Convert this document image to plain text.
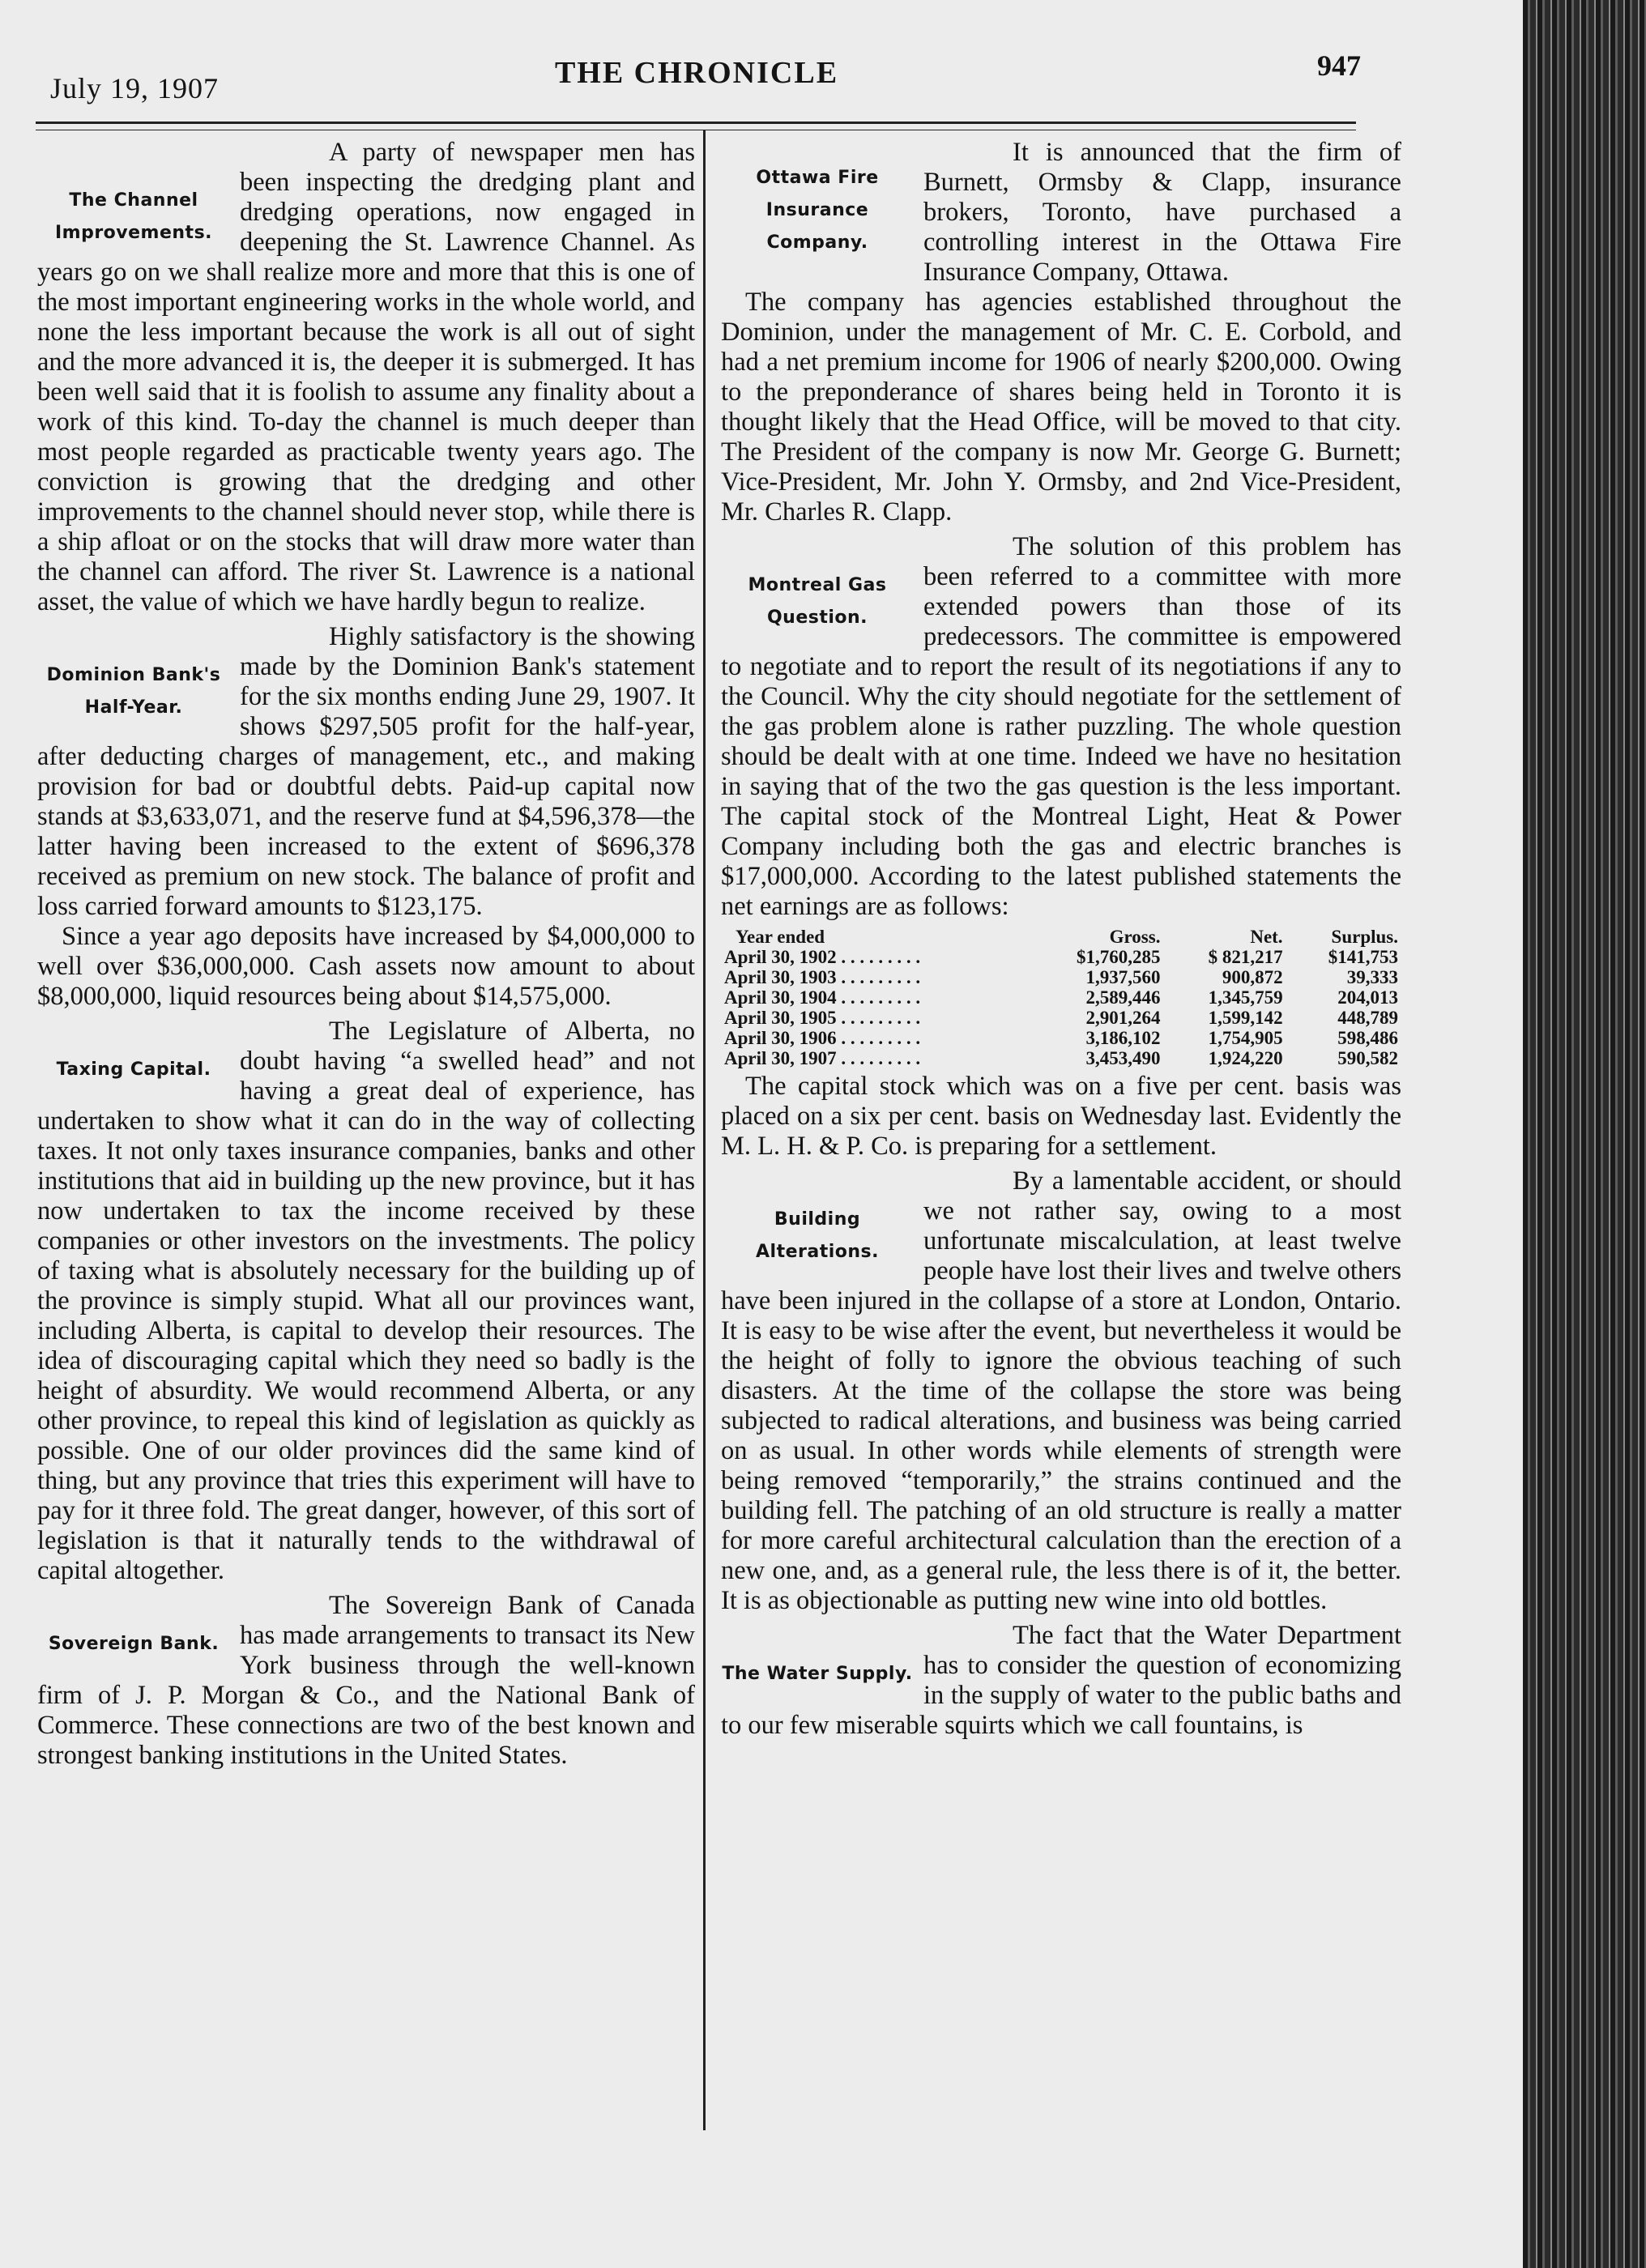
July 19, 1907	THE CHRONICLE	947
The Channel
Improvements.

A party of newspaper men has been inspecting the dredging plant and dredging operations, now engaged in deepening the St. Lawrence Channel. As years go on we shall realize more and more that this is one of the most important engineering works in the whole world, and none the less important because the work is all out of sight and the more advanced it is, the deeper it is submerged. It has been well said that it is foolish to assume any finality about a work of this kind. To-day the channel is much deeper than most people regarded as practicable twenty years ago. The conviction is growing that the dredging and other improvements to the channel should never stop, while there is a ship afloat or on the stocks that will draw more water than the channel can afford. The river St. Lawrence is a national asset, the value of which we have hardly begun to realize.

Dominion Bank's
Half-Year.

Highly satisfactory is the showing made by the Dominion Bank's statement for the six months ending June 29, 1907. It shows $297,505 profit for the half-year, after deducting charges of management, etc., and making provision for bad or doubtful debts. Paid-up capital now stands at $3,633,071, and the reserve fund at $4,596,378—the latter having been increased to the extent of $696,378 received as premium on new stock. The balance of profit and loss carried forward amounts to $123,175.

Since a year ago deposits have increased by $4,000,000 to well over $36,000,000. Cash assets now amount to about $8,000,000, liquid resources being about $14,575,000.

Taxing Capital.

The Legislature of Alberta, no doubt having “a swelled head” and not having a great deal of experience, has undertaken to show what it can do in the way of collecting taxes. It not only taxes insurance companies, banks and other institutions that aid in building up the new province, but it has now undertaken to tax the income received by these companies or other investors on the investments. The policy of taxing what is absolutely necessary for the building up of the province is simply stupid. What all our provinces want, including Alberta, is capital to develop their resources. The idea of discouraging capital which they need so badly is the height of absurdity. We would recommend Alberta, or any other province, to repeal this kind of legislation as quickly as possible. One of our older provinces did the same kind of thing, but any province that tries this experiment will have to pay for it three fold. The great danger, however, of this sort of legislation is that it naturally tends to the withdrawal of capital altogether.

Sovereign Bank.

The Sovereign Bank of Canada has made arrangements to transact its New York business through the well-known firm of J. P. Morgan & Co., and the National Bank of Commerce. These connections are two of the best known and strongest banking institutions in the United States.

Ottawa Fire
Insurance Company.

It is announced that the firm of Burnett, Ormsby & Clapp, insurance brokers, Toronto, have purchased a controlling interest in the Ottawa Fire Insurance Company, Ottawa.

The company has agencies established throughout the Dominion, under the management of Mr. C. E. Corbold, and had a net premium income for 1906 of nearly $200,000. Owing to the preponderance of shares being held in Toronto it is thought likely that the Head Office, will be moved to that city. The President of the company is now Mr. George G. Burnett; Vice-President, Mr. John Y. Ormsby, and 2nd Vice-President, Mr. Charles R. Clapp.

Montreal Gas
Question.

The solution of this problem has been referred to a committee with more extended powers than those of its predecessors. The committee is empowered to negotiate and to report the result of its negotiations if any to the Council. Why the city should negotiate for the settlement of the gas problem alone is rather puzzling. The whole question should be dealt with at one time. Indeed we have no hesitation in saying that of the two the gas question is the less important. The capital stock of the Montreal Light, Heat & Power Company including both the gas and electric branches is $17,000,000. According to the latest published statements the net earnings are as follows:

Year ended	Gross.	Net.	Surplus.
April 30, 1902 . . . . . . . . .	$1,760,285	$ 821,217	$141,753
April 30, 1903 . . . . . . . . .	1,937,560	900,872	39,333
April 30, 1904 . . . . . . . . .	2,589,446	1,345,759	204,013
April 30, 1905 . . . . . . . . .	2,901,264	1,599,142	448,789
April 30, 1906 . . . . . . . . .	3,186,102	1,754,905	598,486
April 30, 1907 . . . . . . . . .	3,453,490	1,924,220	590,582

The capital stock which was on a five per cent. basis was placed on a six per cent. basis on Wednesday last. Evidently the M. L. H. & P. Co. is preparing for a settlement.

Building Alterations.

By a lamentable accident, or should we not rather say, owing to a most unfortunate miscalculation, at least twelve people have lost their lives and twelve others have been injured in the collapse of a store at London, Ontario. It is easy to be wise after the event, but nevertheless it would be the height of folly to ignore the obvious teaching of such disasters. At the time of the collapse the store was being subjected to radical alterations, and business was being carried on as usual. In other words while elements of strength were being removed “temporarily,” the strains continued and the building fell. The patching of an old structure is really a matter for more careful architectural calculation than the erection of a new one, and, as a general rule, the less there is of it, the better. It is as objectionable as putting new wine into old bottles.

The Water Supply.

The fact that the Water Department has to consider the question of economizing in the supply of water to the public baths and to our few miserable squirts which we call fountains, is
